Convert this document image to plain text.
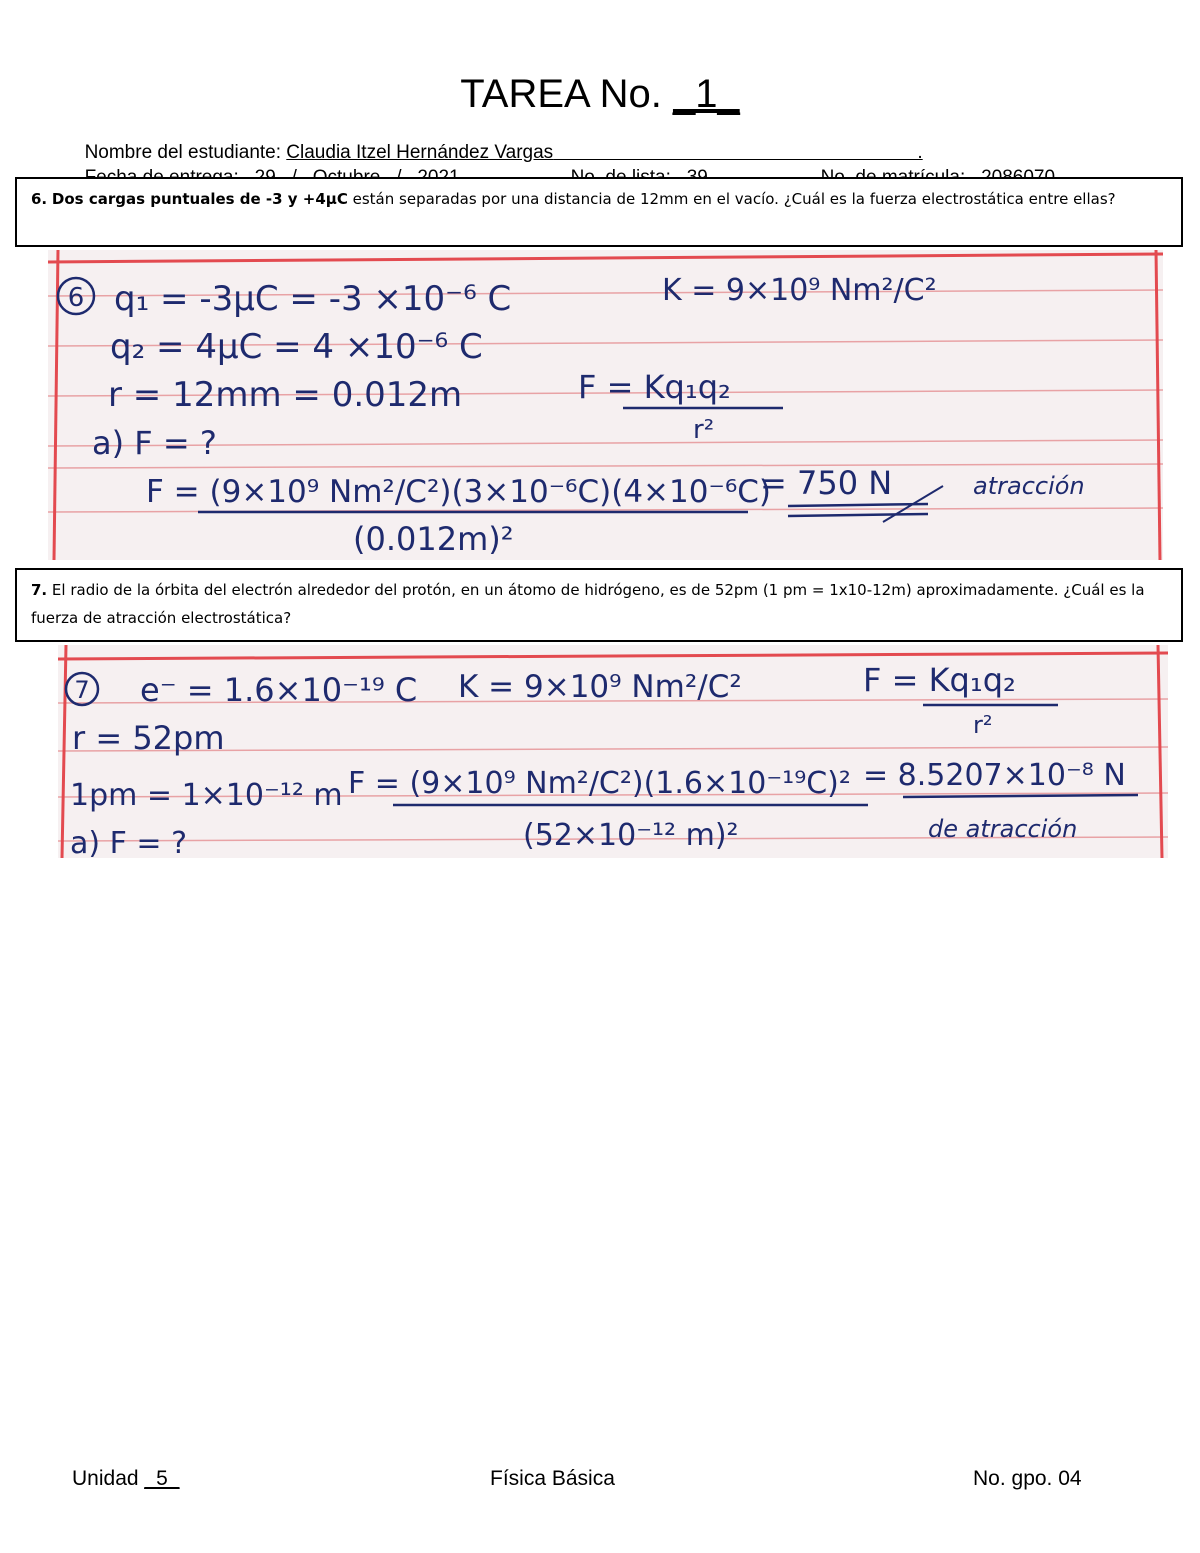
TAREA No. _1_

Nombre del estudiante: Claudia Itzel Hernández Vargas                                                                     .

6. Dos cargas puntuales de -3 y +4µC están separadas por una distancia de 12mm en el vacío. ¿Cuál es la fuerza electrostática entre ellas?
6 q₁ = -3µC = -3 ×10⁻⁶ C	K = 9×10⁹ Nm²/C²
q₂ = 4µC = 4 ×10⁻⁶ C
r = 12mm = 0.012m	F = Kq₁q₂
r²
a) F = ?
F = (9×10⁹ Nm²/C²)(3×10⁻⁶C)(4×10⁻⁶C)
(0.012m)²
= 750 N	atracción
7. El radio de la órbita del electrón alrededor del protón, en un átomo de hidrógeno, es de 52pm (1 pm = 1x10-12m) aproximadamente. ¿Cuál es la fuerza de atracción electrostática?
7 e⁻ = 1.6×10⁻¹⁹ C K = 9×10⁹ Nm²/C²	F = Kq₁q₂
r²
r = 52pm
1pm = 1×10⁻¹² m F = (9×10⁹ Nm²/C²)(1.6×10⁻¹⁹C)²
(52×10⁻¹² m)²
= 8.5207×10⁻⁸ N
de atracción
a) F = ?
Unidad _5_	Física Básica	No. gpo. 04
